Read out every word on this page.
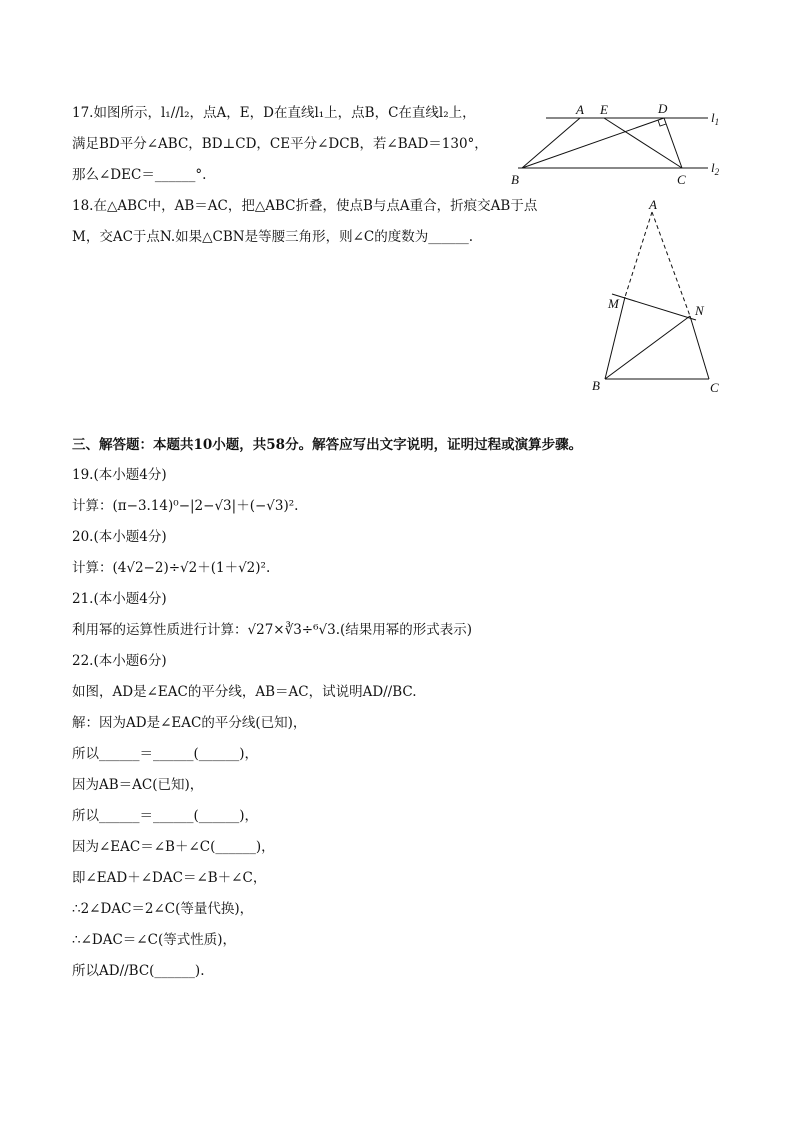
17.如图所示，l₁//l₂，点A，E，D在直线l₁上，点B，C在直线l₂上，
满足BD平分∠ABC，BD⊥CD，CE平分∠DCB，若∠BAD＝130°，
那么∠DEC＝______°.
A E	D
$l_1$
B	C
$l_2$
18.在△ABC中，AB＝AC，把△ABC折叠，使点B与点A重合，折痕交AB于点
M，交AC于点N.如果△CBN是等腰三角形，则∠C的度数为______.
A
M	N
B	C
三、解答题：本题共10小题，共58分。解答应写出文字说明，证明过程或演算步骤。
19.(本小题4分)
计算：(π−3.14)⁰−|2−√3|＋(−√3)².
20.(本小题4分)
计算：(4√2−2)÷√2＋(1＋√2)².
21.(本小题4分)
利用幂的运算性质进行计算：√27×∛3÷⁶√3.(结果用幂的形式表示)
22.(本小题6分)
如图，AD是∠EAC的平分线，AB＝AC，试说明AD//BC.
解：因为AD是∠EAC的平分线(已知)，
所以______＝______(______)，
因为AB＝AC(已知)，
所以______＝______(______)，
因为∠EAC＝∠B＋∠C(______)，
即∠EAD＋∠DAC＝∠B＋∠C，
∴2∠DAC＝2∠C(等量代换)，
∴∠DAC＝∠C(等式性质)，
所以AD//BC(______).
